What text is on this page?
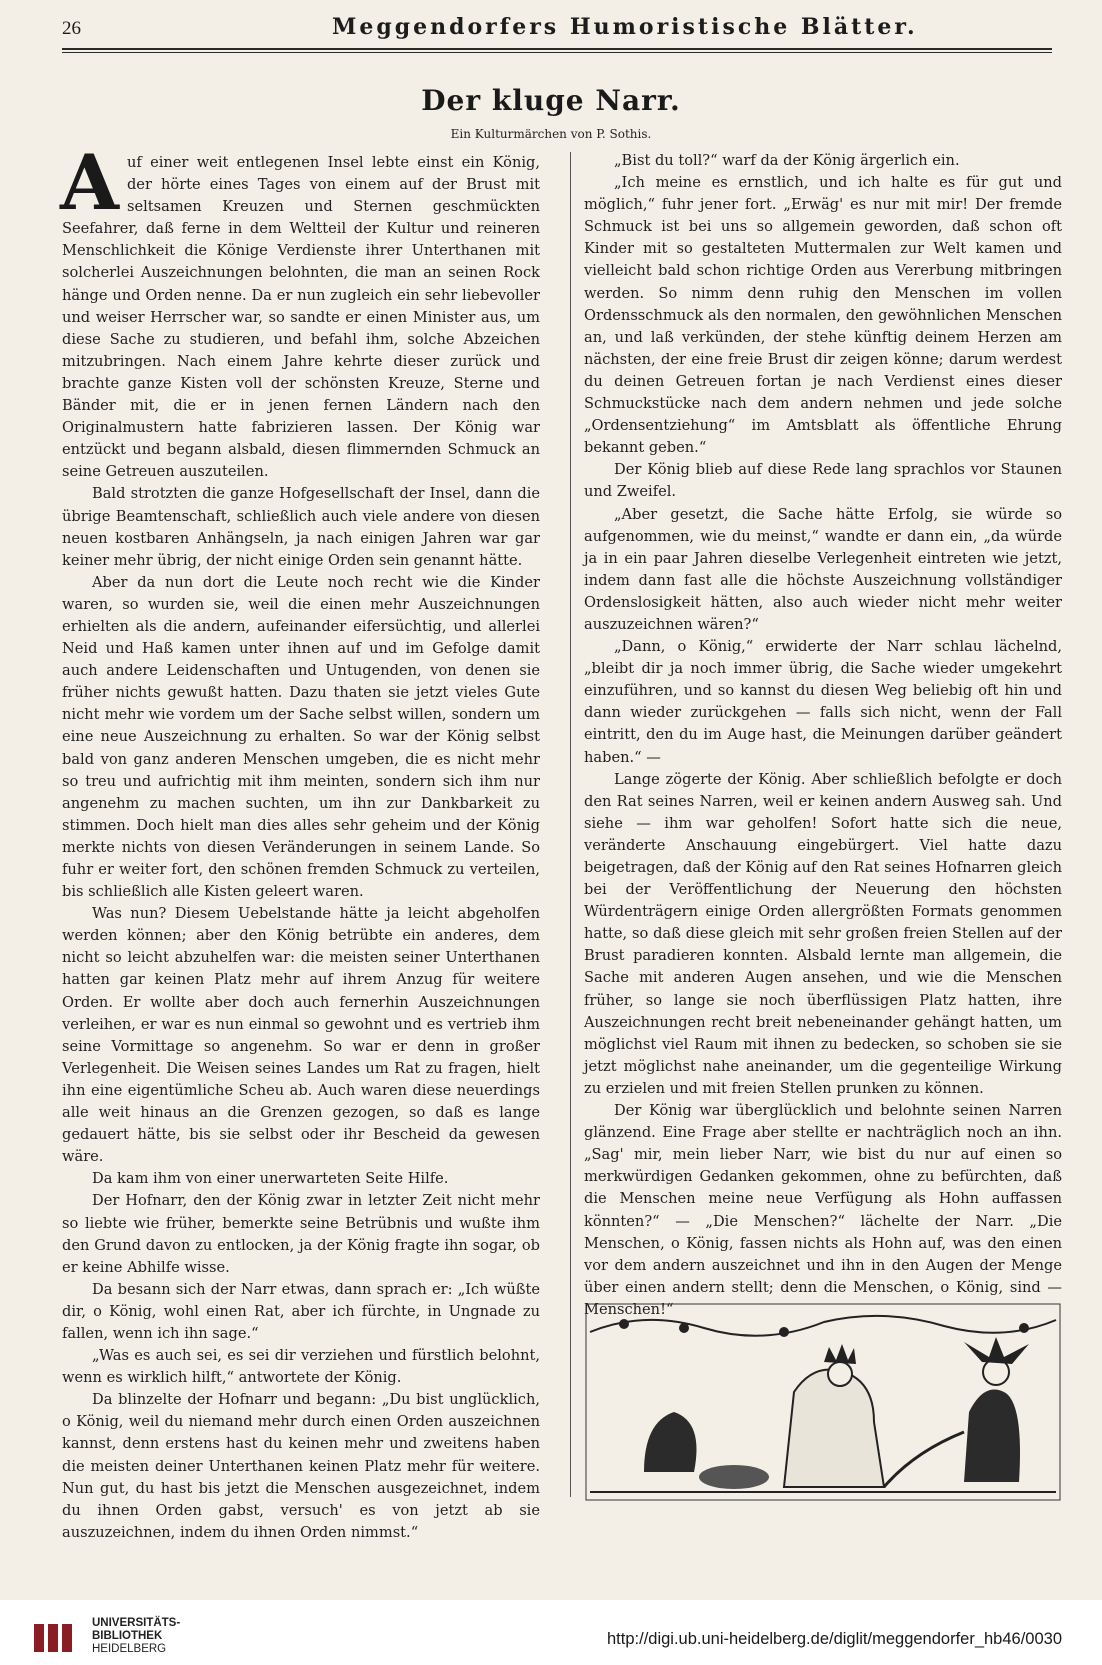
26	Meggendorfers Humoristische Blätter.
Der kluge Narr.
Ein Kulturmärchen von P. Sothis.

Auf einer weit entlegenen Insel lebte einst ein König, der hörte eines Tages von einem auf der Brust mit seltsamen Kreuzen und Sternen geschmückten Seefahrer, daß ferne in dem Weltteil der Kultur und reineren Menschlichkeit die Könige Verdienste ihrer Unterthanen mit solcherlei Auszeichnungen belohnten, die man an seinen Rock hänge und Orden nenne. Da er nun zugleich ein sehr liebevoller und weiser Herrscher war, so sandte er einen Minister aus, um diese Sache zu studieren, und befahl ihm, solche Abzeichen mitzubringen. Nach einem Jahre kehrte dieser zurück und brachte ganze Kisten voll der schönsten Kreuze, Sterne und Bänder mit, die er in jenen fernen Ländern nach den Originalmustern hatte fabrizieren lassen. Der König war entzückt und begann alsbald, diesen flimmernden Schmuck an seine Getreuen auszuteilen.

Bald strotzten die ganze Hofgesellschaft der Insel, dann die übrige Beamtenschaft, schließlich auch viele andere von diesen neuen kostbaren Anhängseln, ja nach einigen Jahren war gar keiner mehr übrig, der nicht einige Orden sein genannt hätte.

Aber da nun dort die Leute noch recht wie die Kinder waren, so wurden sie, weil die einen mehr Auszeichnungen erhielten als die andern, aufeinander eifersüchtig, und allerlei Neid und Haß kamen unter ihnen auf und im Gefolge damit auch andere Leidenschaften und Untugenden, von denen sie früher nichts gewußt hatten. Dazu thaten sie jetzt vieles Gute nicht mehr wie vordem um der Sache selbst willen, sondern um eine neue Auszeichnung zu erhalten. So war der König selbst bald von ganz anderen Menschen umgeben, die es nicht mehr so treu und aufrichtig mit ihm meinten, sondern sich ihm nur angenehm zu machen suchten, um ihn zur Dankbarkeit zu stimmen. Doch hielt man dies alles sehr geheim und der König merkte nichts von diesen Veränderungen in seinem Lande. So fuhr er weiter fort, den schönen fremden Schmuck zu verteilen, bis schließlich alle Kisten geleert waren.

Was nun? Diesem Uebelstande hätte ja leicht abgeholfen werden können; aber den König betrübte ein anderes, dem nicht so leicht abzuhelfen war: die meisten seiner Unterthanen hatten gar keinen Platz mehr auf ihrem Anzug für weitere Orden. Er wollte aber doch auch fernerhin Auszeichnungen verleihen, er war es nun einmal so gewohnt und es vertrieb ihm seine Vormittage so angenehm. So war er denn in großer Verlegenheit. Die Weisen seines Landes um Rat zu fragen, hielt ihn eine eigentümliche Scheu ab. Auch waren diese neuerdings alle weit hinaus an die Grenzen gezogen, so daß es lange gedauert hätte, bis sie selbst oder ihr Bescheid da gewesen wäre.

Da kam ihm von einer unerwarteten Seite Hilfe.

Der Hofnarr, den der König zwar in letzter Zeit nicht mehr so liebte wie früher, bemerkte seine Betrübnis und wußte ihm den Grund davon zu entlocken, ja der König fragte ihn sogar, ob er keine Abhilfe wisse.

Da besann sich der Narr etwas, dann sprach er: „Ich wüßte dir, o König, wohl einen Rat, aber ich fürchte, in Ungnade zu fallen, wenn ich ihn sage.“

„Was es auch sei, es sei dir verziehen und fürstlich belohnt, wenn es wirklich hilft,“ antwortete der König.

Da blinzelte der Hofnarr und begann: „Du bist unglücklich, o König, weil du niemand mehr durch einen Orden auszeichnen kannst, denn erstens hast du keinen mehr und zweitens haben die meisten deiner Unterthanen keinen Platz mehr für weitere. Nun gut, du hast bis jetzt die Menschen ausgezeichnet, indem du ihnen Orden gabst, versuch' es von jetzt ab sie auszuzeichnen, indem du ihnen Orden nimmst.“

„Bist du toll?“ warf da der König ärgerlich ein.

„Ich meine es ernstlich, und ich halte es für gut und möglich,“ fuhr jener fort. „Erwäg' es nur mit mir! Der fremde Schmuck ist bei uns so allgemein geworden, daß schon oft Kinder mit so gestalteten Muttermalen zur Welt kamen und vielleicht bald schon richtige Orden aus Vererbung mitbringen werden. So nimm denn ruhig den Menschen im vollen Ordensschmuck als den normalen, den gewöhnlichen Menschen an, und laß verkünden, der stehe künftig deinem Herzen am nächsten, der eine freie Brust dir zeigen könne; darum werdest du deinen Getreuen fortan je nach Verdienst eines dieser Schmuckstücke nach dem andern nehmen und jede solche „Ordensentziehung“ im Amtsblatt als öffentliche Ehrung bekannt geben.“

Der König blieb auf diese Rede lang sprachlos vor Staunen und Zweifel.

„Aber gesetzt, die Sache hätte Erfolg, sie würde so aufgenommen, wie du meinst,“ wandte er dann ein, „da würde ja in ein paar Jahren dieselbe Verlegenheit eintreten wie jetzt, indem dann fast alle die höchste Auszeichnung vollständiger Ordenslosigkeit hätten, also auch wieder nicht mehr weiter auszuzeichnen wären?“

„Dann, o König,“ erwiderte der Narr schlau lächelnd, „bleibt dir ja noch immer übrig, die Sache wieder umgekehrt einzuführen, und so kannst du diesen Weg beliebig oft hin und dann wieder zurückgehen — falls sich nicht, wenn der Fall eintritt, den du im Auge hast, die Meinungen darüber geändert haben.“ —

Lange zögerte der König. Aber schließlich befolgte er doch den Rat seines Narren, weil er keinen andern Ausweg sah. Und siehe — ihm war geholfen! Sofort hatte sich die neue, veränderte Anschauung eingebürgert. Viel hatte dazu beigetragen, daß der König auf den Rat seines Hofnarren gleich bei der Veröffentlichung der Neuerung den höchsten Würdenträgern einige Orden allergrößten Formats genommen hatte, so daß diese gleich mit sehr großen freien Stellen auf der Brust paradieren konnten. Alsbald lernte man allgemein, die Sache mit anderen Augen ansehen, und wie die Menschen früher, so lange sie noch überflüssigen Platz hatten, ihre Auszeichnungen recht breit nebeneinander gehängt hatten, um möglichst viel Raum mit ihnen zu bedecken, so schoben sie sie jetzt möglichst nahe aneinander, um die gegenteilige Wirkung zu erzielen und mit freien Stellen prunken zu können.

Der König war überglücklich und belohnte seinen Narren glänzend. Eine Frage aber stellte er nachträglich noch an ihn. „Sag' mir, mein lieber Narr, wie bist du nur auf einen so merkwürdigen Gedanken gekommen, ohne zu befürchten, daß die Menschen meine neue Verfügung als Hohn auffassen könnten?“ — „Die Menschen?“ lächelte der Narr. „Die Menschen, o König, fassen nichts als Hohn auf, was den einen vor dem andern auszeichnet und ihn in den Augen der Menge über einen andern stellt; denn die Menschen, o König, sind — Menschen!“

UNIVERSITÄTS-
BIBLIOTHEK
HEIDELBERG
http://digi.ub.uni-heidelberg.de/diglit/meggendorfer_hb46/0030
